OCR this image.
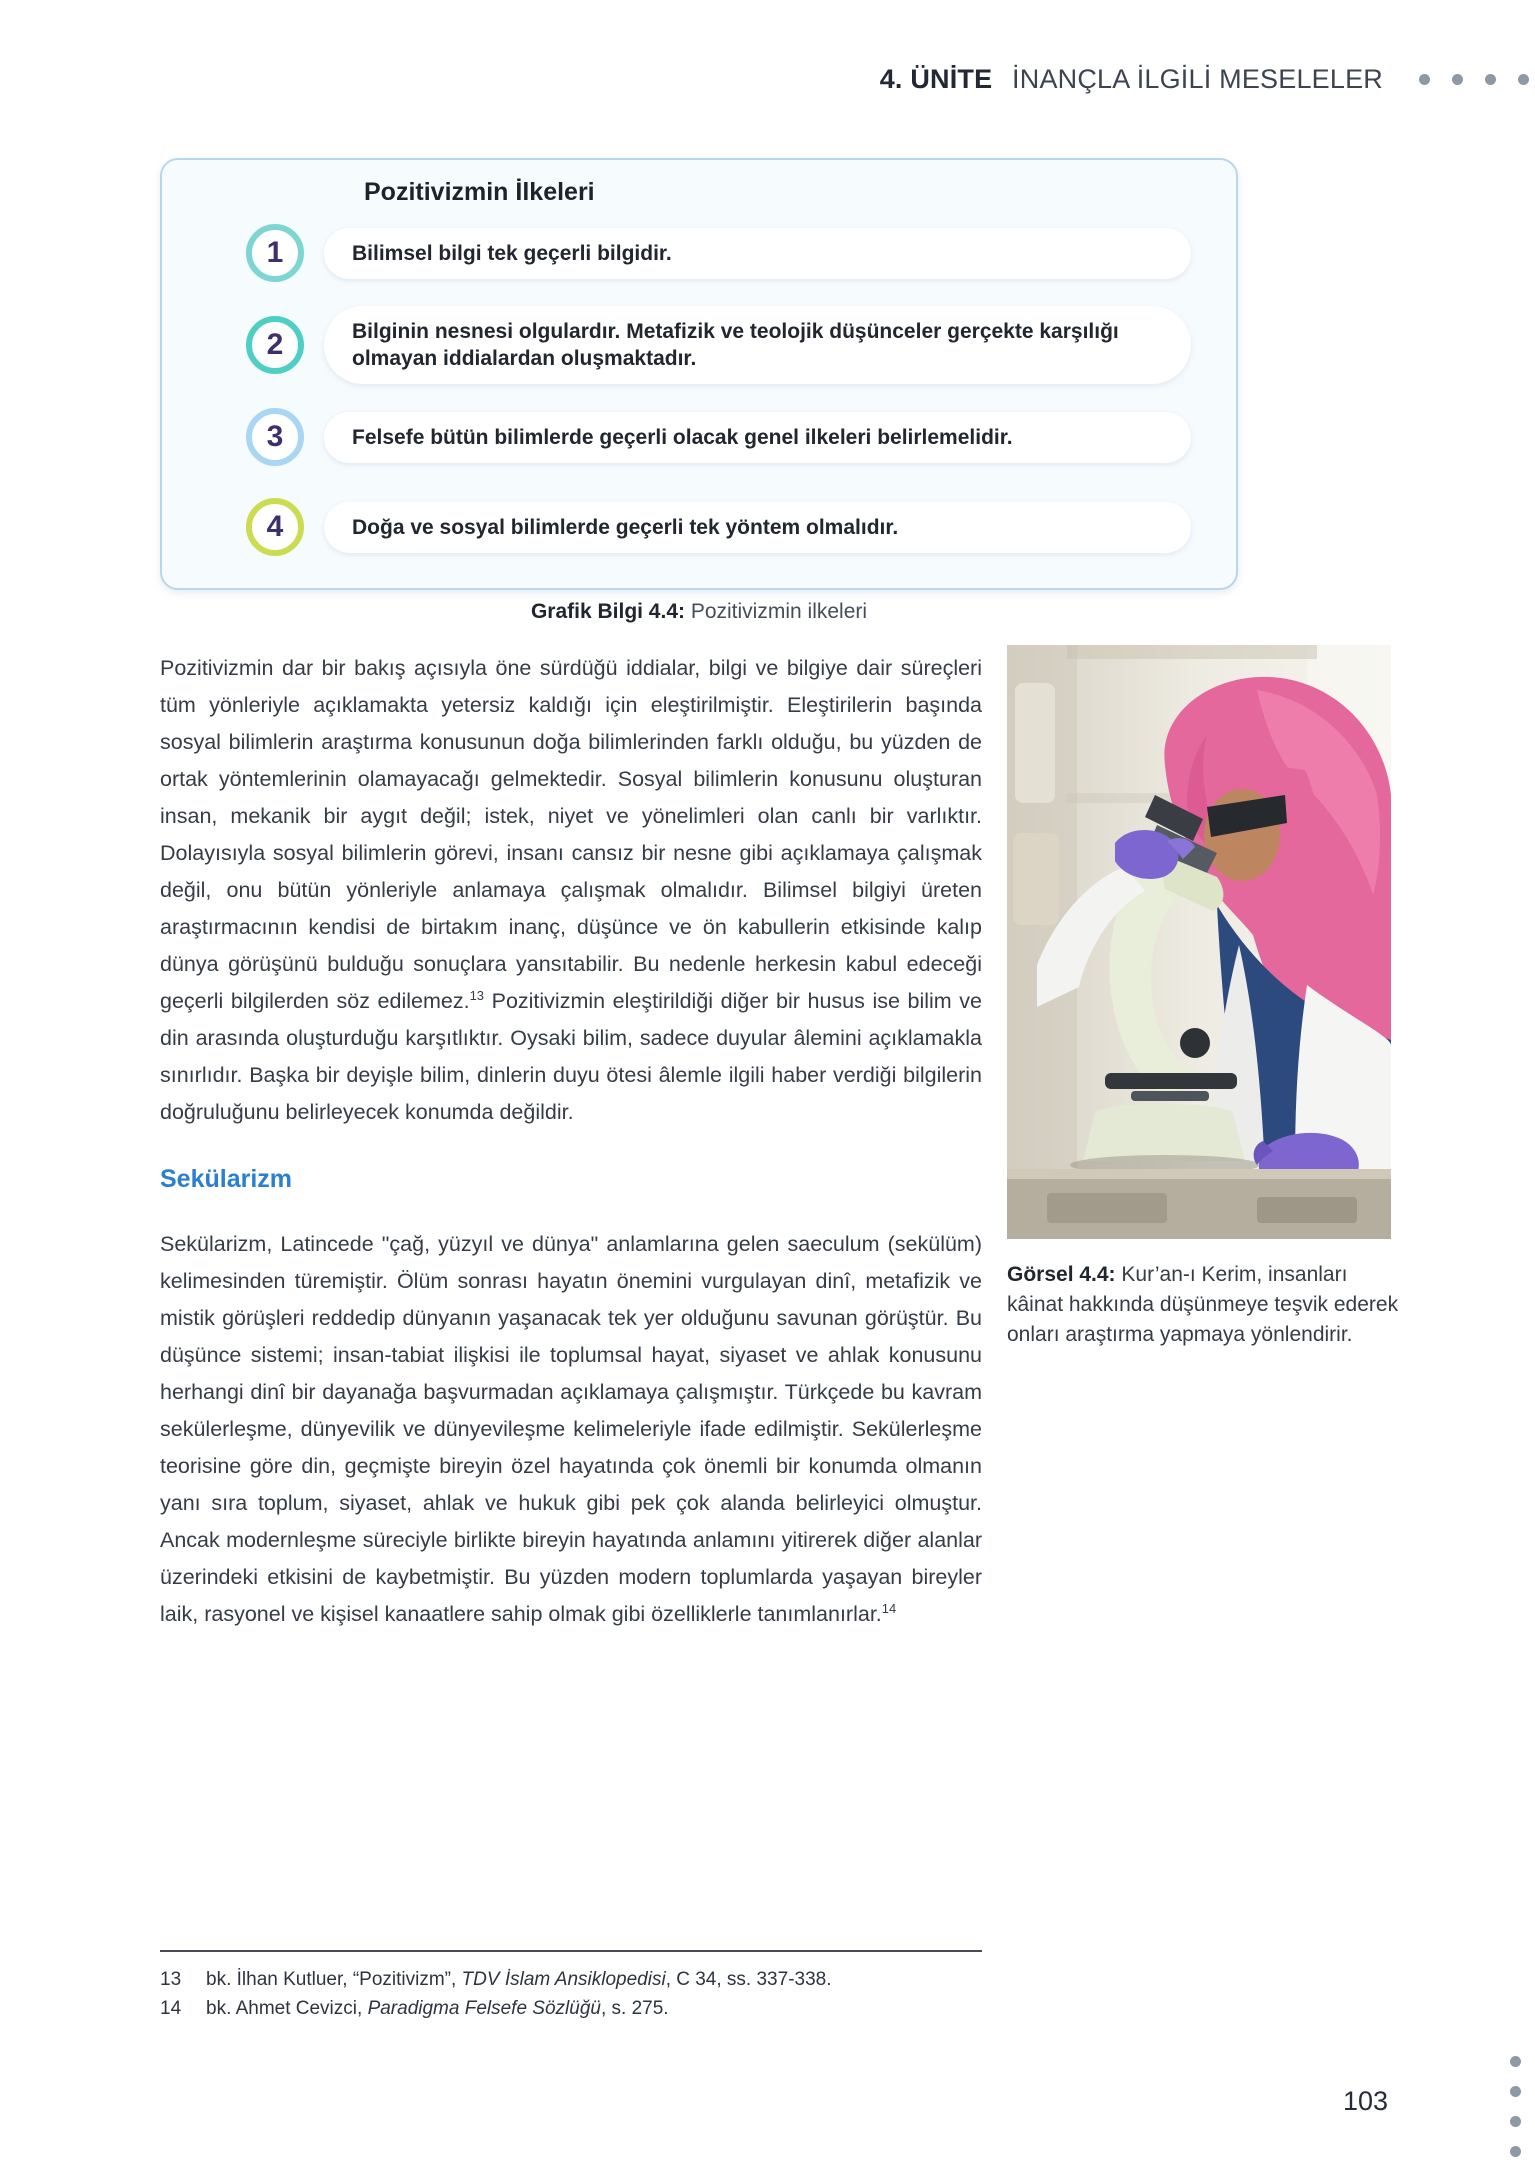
4. ÜNİTE İNANÇLA İLGİLİ MESELELER
Pozitivizmin İlkeleri
1	Bilimsel bilgi tek geçerli bilgidir.
2	Bilginin nesnesi olgulardır. Metafizik ve teolojik düşünceler gerçekte karşılığı olmayan iddialardan oluşmaktadır.
3	Felsefe bütün bilimlerde geçerli olacak genel ilkeleri belirlemelidir.
4	Doğa ve sosyal bilimlerde geçerli tek yöntem olmalıdır.
Grafik Bilgi 4.4: Pozitivizmin ilkeleri

Pozitivizmin dar bir bakış açısıyla öne sürdüğü iddialar, bilgi ve bilgiye dair süreçleri tüm yönleriyle açıklamakta yetersiz kaldığı için eleştirilmiştir. Eleştirilerin başında sosyal bilimlerin araştırma konusunun doğa bilimlerinden farklı olduğu, bu yüzden de ortak yöntemlerinin olamayacağı gelmektedir. Sosyal bilimlerin konusunu oluşturan insan, mekanik bir aygıt değil; istek, niyet ve yönelimleri olan canlı bir varlıktır. Dolayısıyla sosyal bilimlerin görevi, insanı cansız bir nesne gibi açıklamaya çalışmak değil, onu bütün yönleriyle anlamaya çalışmak olmalıdır. Bilimsel bilgiyi üreten araştırmacının kendisi de birtakım inanç, düşünce ve ön kabullerin etkisinde kalıp dünya görüşünü bulduğu sonuçlara yansıtabilir. Bu nedenle herkesin kabul edeceği geçerli bilgilerden söz edilemez.$^{13}$ Pozitivizmin eleştirildiği diğer bir husus ise bilim ve din arasında oluşturduğu karşıtlıktır. Oysaki bilim, sadece duyular âlemini açıklamakla sınırlıdır. Başka bir deyişle bilim, dinlerin duyu ötesi âlemle ilgili haber verdiği bilgilerin doğruluğunu belirleyecek konumda değildir.

Sekülarizm

Sekülarizm, Latincede "çağ, yüzyıl ve dünya" anlamlarına gelen saeculum (sekülüm) kelimesinden türemiştir. Ölüm sonrası hayatın önemini vurgulayan dinî, metafizik ve mistik görüşleri reddedip dünyanın yaşanacak tek yer olduğunu savunan görüştür. Bu düşünce sistemi; insan-tabiat ilişkisi ile toplumsal hayat, siyaset ve ahlak konusunu herhangi dinî bir dayanağa başvurmadan açıklamaya çalışmıştır. Türkçede bu kavram sekülerleşme, dünyevilik ve dünyevileşme kelimeleriyle ifade edilmiştir. Sekülerleşme teorisine göre din, geçmişte bireyin özel hayatında çok önemli bir konumda olmanın yanı sıra toplum, siyaset, ahlak ve hukuk gibi pek çok alanda belirleyici olmuştur. Ancak modernleşme süreciyle birlikte bireyin hayatında anlamını yitirerek diğer alanlar üzerindeki etkisini de kaybetmiştir. Bu yüzden modern toplumlarda yaşayan bireyler laik, rasyonel ve kişisel kanaatlere sahip olmak gibi özelliklerle tanımlanırlar.$^{14}$

Görsel 4.4: Kur’an-ı Kerim, insanları kâinat hakkında düşünmeye teşvik ederek onları araştırma yapmaya yönlendirir.
13	bk. İlhan Kutluer, “Pozitivizm”, TDV İslam Ansiklopedisi, C 34, ss. 337-338.
14	bk. Ahmet Cevizci, Paradigma Felsefe Sözlüğü, s. 275.
103
